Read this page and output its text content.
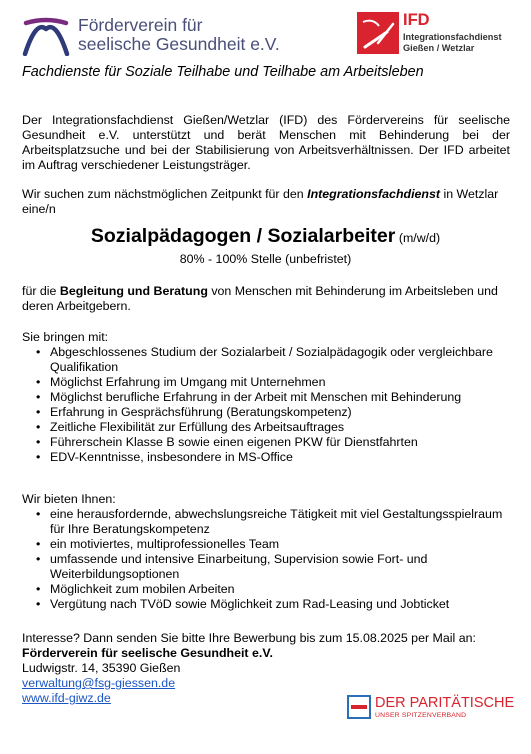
Förderverein für
seelische Gesundheit e.V.
IFD
Integrationsfachdienst
Gießen / Wetzlar
Fachdienste für Soziale Teilhabe und Teilhabe am Arbeitsleben

Der Integrationsfachdienst Gießen/Wetzlar (IFD) des Fördervereins für seelische Gesundheit e.V. unterstützt und berät Menschen mit Behinderung bei der Arbeitsplatzsuche und bei der Stabilisierung von Arbeitsverhältnissen. Der IFD arbeitet im Auftrag verschiedener Leistungsträger.

Wir suchen zum nächstmöglichen Zeitpunkt für den Integrationsfachdienst in Wetzlar eine/n

Sozialpädagogen / Sozialarbeiter (m/w/d)
80% - 100% Stelle (unbefristet)

für die Begleitung und Beratung von Menschen mit Behinderung im Arbeitsleben und deren Arbeitgebern.

Sie bringen mit:
• Abgeschlossenes Studium der Sozialarbeit / Sozialpädagogik oder vergleichbare Qualifikation
• Möglichst Erfahrung im Umgang mit Unternehmen
• Möglichst berufliche Erfahrung in der Arbeit mit Menschen mit Behinderung
• Erfahrung in Gesprächsführung (Beratungskompetenz)
• Zeitliche Flexibilität zur Erfüllung des Arbeitsauftrages
• Führerschein Klasse B sowie einen eigenen PKW für Dienstfahrten
• EDV-Kenntnisse, insbesondere in MS-Office
Wir bieten Ihnen:
• eine herausfordernde, abwechslungsreiche Tätigkeit mit viel Gestaltungsspielraum für Ihre Beratungskompetenz
• ein motiviertes, multiprofessionelles Team
• umfassende und intensive Einarbeitung, Supervision sowie Fort- und Weiterbildungsoptionen
• Möglichkeit zum mobilen Arbeiten
• Vergütung nach TVöD sowie Möglichkeit zum Rad-Leasing und Jobticket
Interesse? Dann senden Sie bitte Ihre Bewerbung bis zum 15.08.2025 per Mail an:
Förderverein für seelische Gesundheit e.V.
Ludwigstr. 14, 35390 Gießen
verwaltung@fsg-giessen.de
www.ifd-giwz.de	DER PARITÄTISCHE
UNSER SPITZENVERBAND
